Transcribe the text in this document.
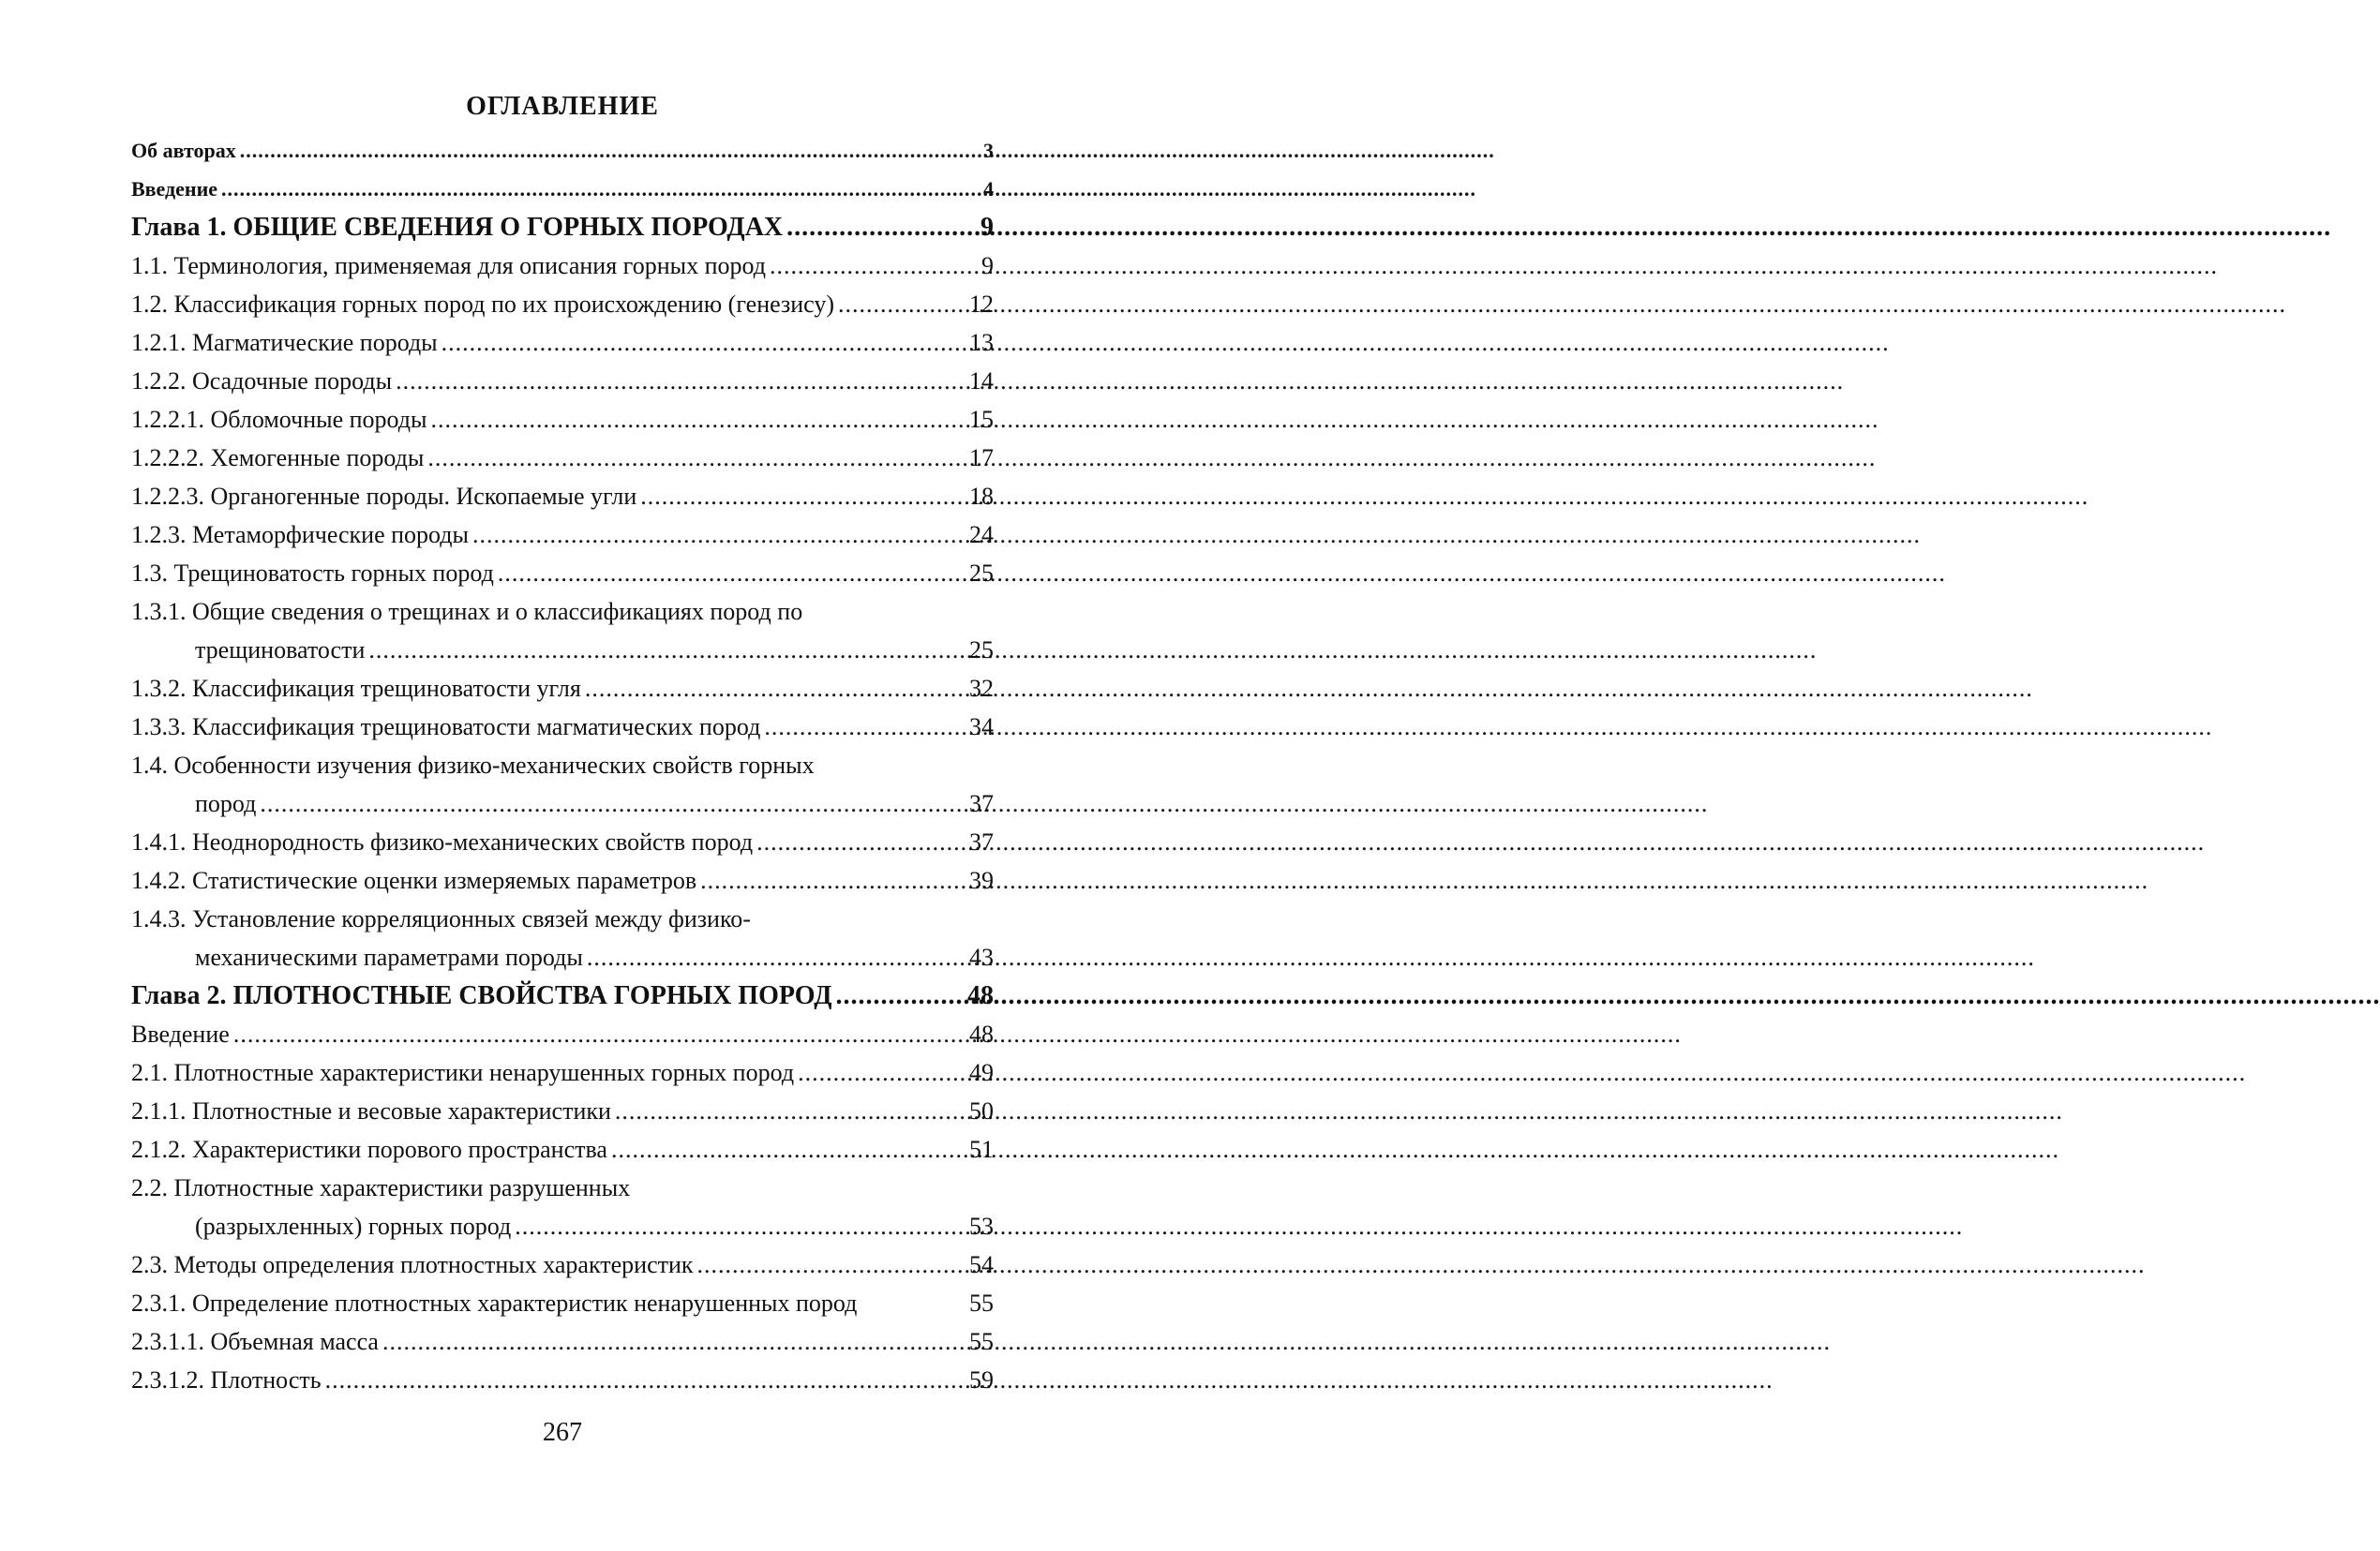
ОГЛАВЛЕНИЕ
Об авторах .....	3
Введение .....	4
Глава 1. ОБЩИЕ СВЕДЕНИЯ О ГОРНЫХ ПОРОДАХ .....	9
1.1. Терминология, применяемая для описания горных пород .....	9
1.2. Классификация горных пород по их происхождению (генезису) .....	12
1.2.1. Магматические породы .....	13
1.2.2. Осадочные породы .....	14
1.2.2.1. Обломочные породы .....	15
1.2.2.2. Хемогенные породы .....	17
1.2.2.3. Органогенные породы. Ископаемые угли .....	18
1.2.3. Метаморфические породы .....	24
1.3. Трещиноватость горных пород .....	25
1.3.1. Общие сведения о трещинах и о классификациях пород по
трещиноватости .....	25
1.3.2. Классификация трещиноватости угля .....	32
1.3.3. Классификация трещиноватости магматических пород .....	34
1.4. Особенности изучения физико-механических свойств горных
пород .....	37
1.4.1. Неоднородность физико-механических свойств пород .....	37
1.4.2. Статистические оценки измеряемых параметров .....	39
1.4.3. Установление корреляционных связей между физико-
механическими параметрами породы .....	43
Глава 2. ПЛОТНОСТНЫЕ СВОЙСТВА ГОРНЫХ ПОРОД .....	48
Введение .....	48
2.1. Плотностные характеристики ненарушенных горных пород .....	49
2.1.1. Плотностные и весовые характеристики .....	50
2.1.2. Характеристики порового пространства .....	51
2.2. Плотностные характеристики разрушенных
(разрыхленных) горных пород .....	53
2.3. Методы определения плотностных характеристик .....	54
2.3.1. Определение плотностных характеристик ненарушенных пород	55
2.3.1.1. Объемная масса .....	55
2.3.1.2. Плотность .....	59
267
